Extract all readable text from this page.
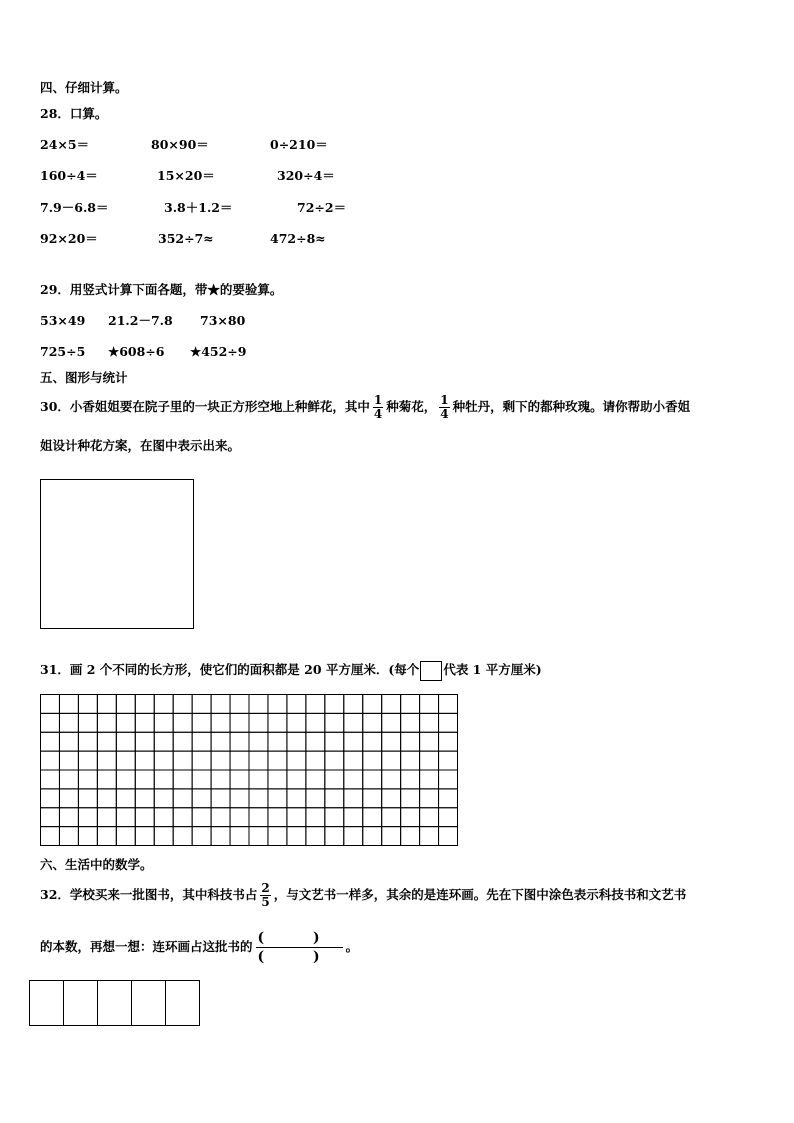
四、仔细计算。
28．口算。
24×5＝	80×90＝	0÷210＝
160÷4＝	15×20＝	320÷4＝
7.9－6.8＝	3.8＋1.2＝	72÷2＝
92×20＝	352÷7≈	472÷8≈
29．用竖式计算下面各题，带★的要验算。
53×49 21.2－7.8 73×80
725÷5 ★608÷6 ★452÷9
五、图形与统计
30．小香姐姐要在院子里的一块正方形空地上种鲜花，其中 $\frac{1}{4}$ 种菊花， $\frac{1}{4}$ 种牡丹，剩下的都种玫瑰。请你帮助小香姐
姐设计种花方案，在图中表示出来。
31．画 2 个不同的长方形，使它们的面积都是 20 平方厘米．(每个 代表 1 平方厘米)
六、生活中的数学。
32．学校买来一批图书，其中科技书占 $\frac{2}{5}$ ，与文艺书一样多，其余的是连环画。先在下图中涂色表示科技书和文艺书
的本数，再想一想：连环画占这批书的 $\frac{( )}{( )}$ 。
